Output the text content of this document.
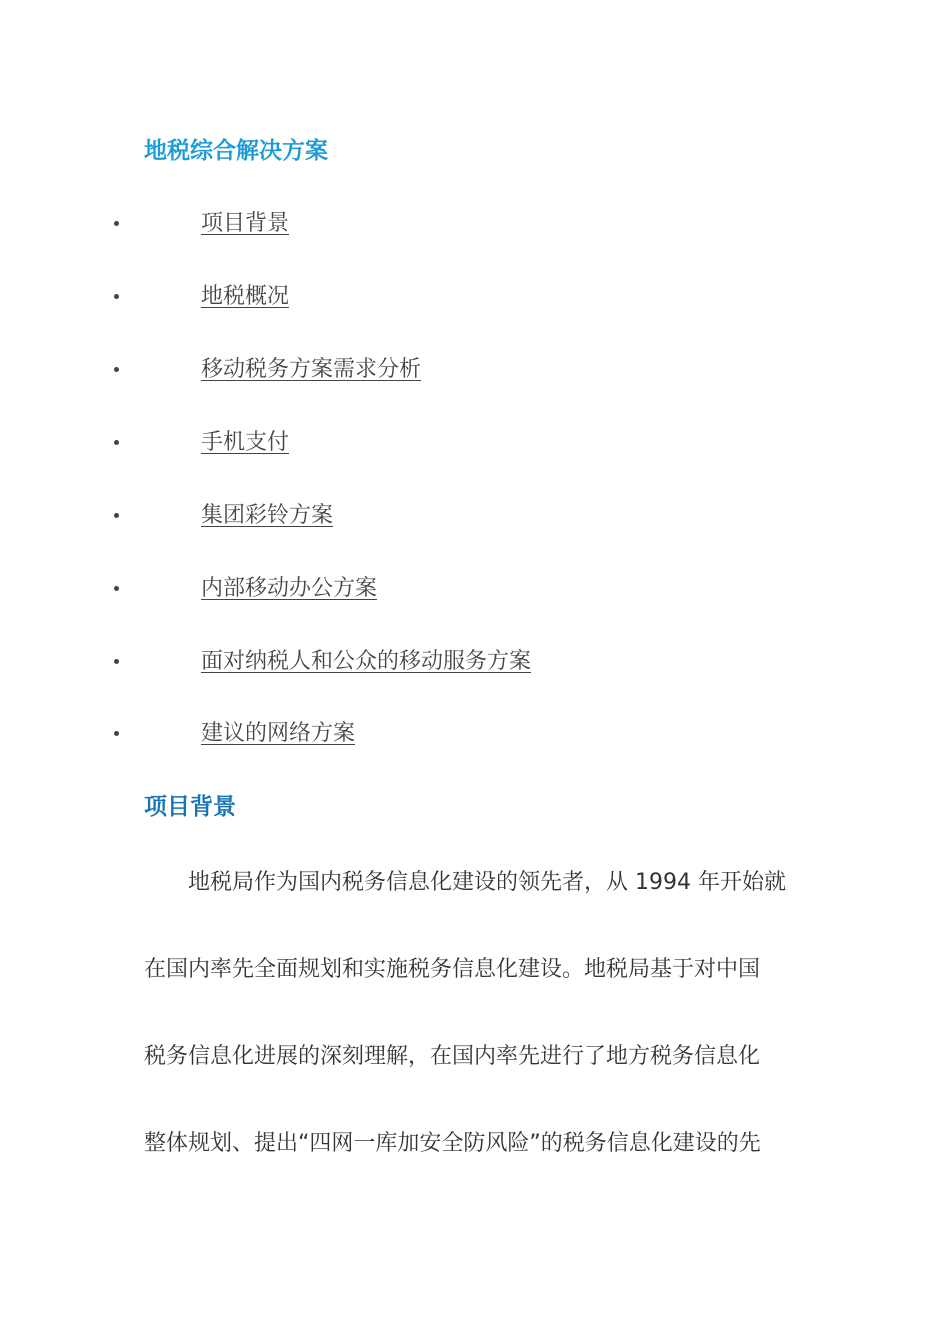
地税综合解决方案
项目背景
地税概况
移动税务方案需求分析
手机支付
集团彩铃方案
内部移动办公方案
面对纳税人和公众的移动服务方案
建议的网络方案
项目背景
　　地税局作为国内税务信息化建设的领先者，从 1994 年开始就
在国内率先全面规划和实施税务信息化建设。地税局基于对中国
税务信息化进展的深刻理解，在国内率先进行了地方税务信息化
整体规划、提出“四网一库加安全防风险”的税务信息化建设的先
